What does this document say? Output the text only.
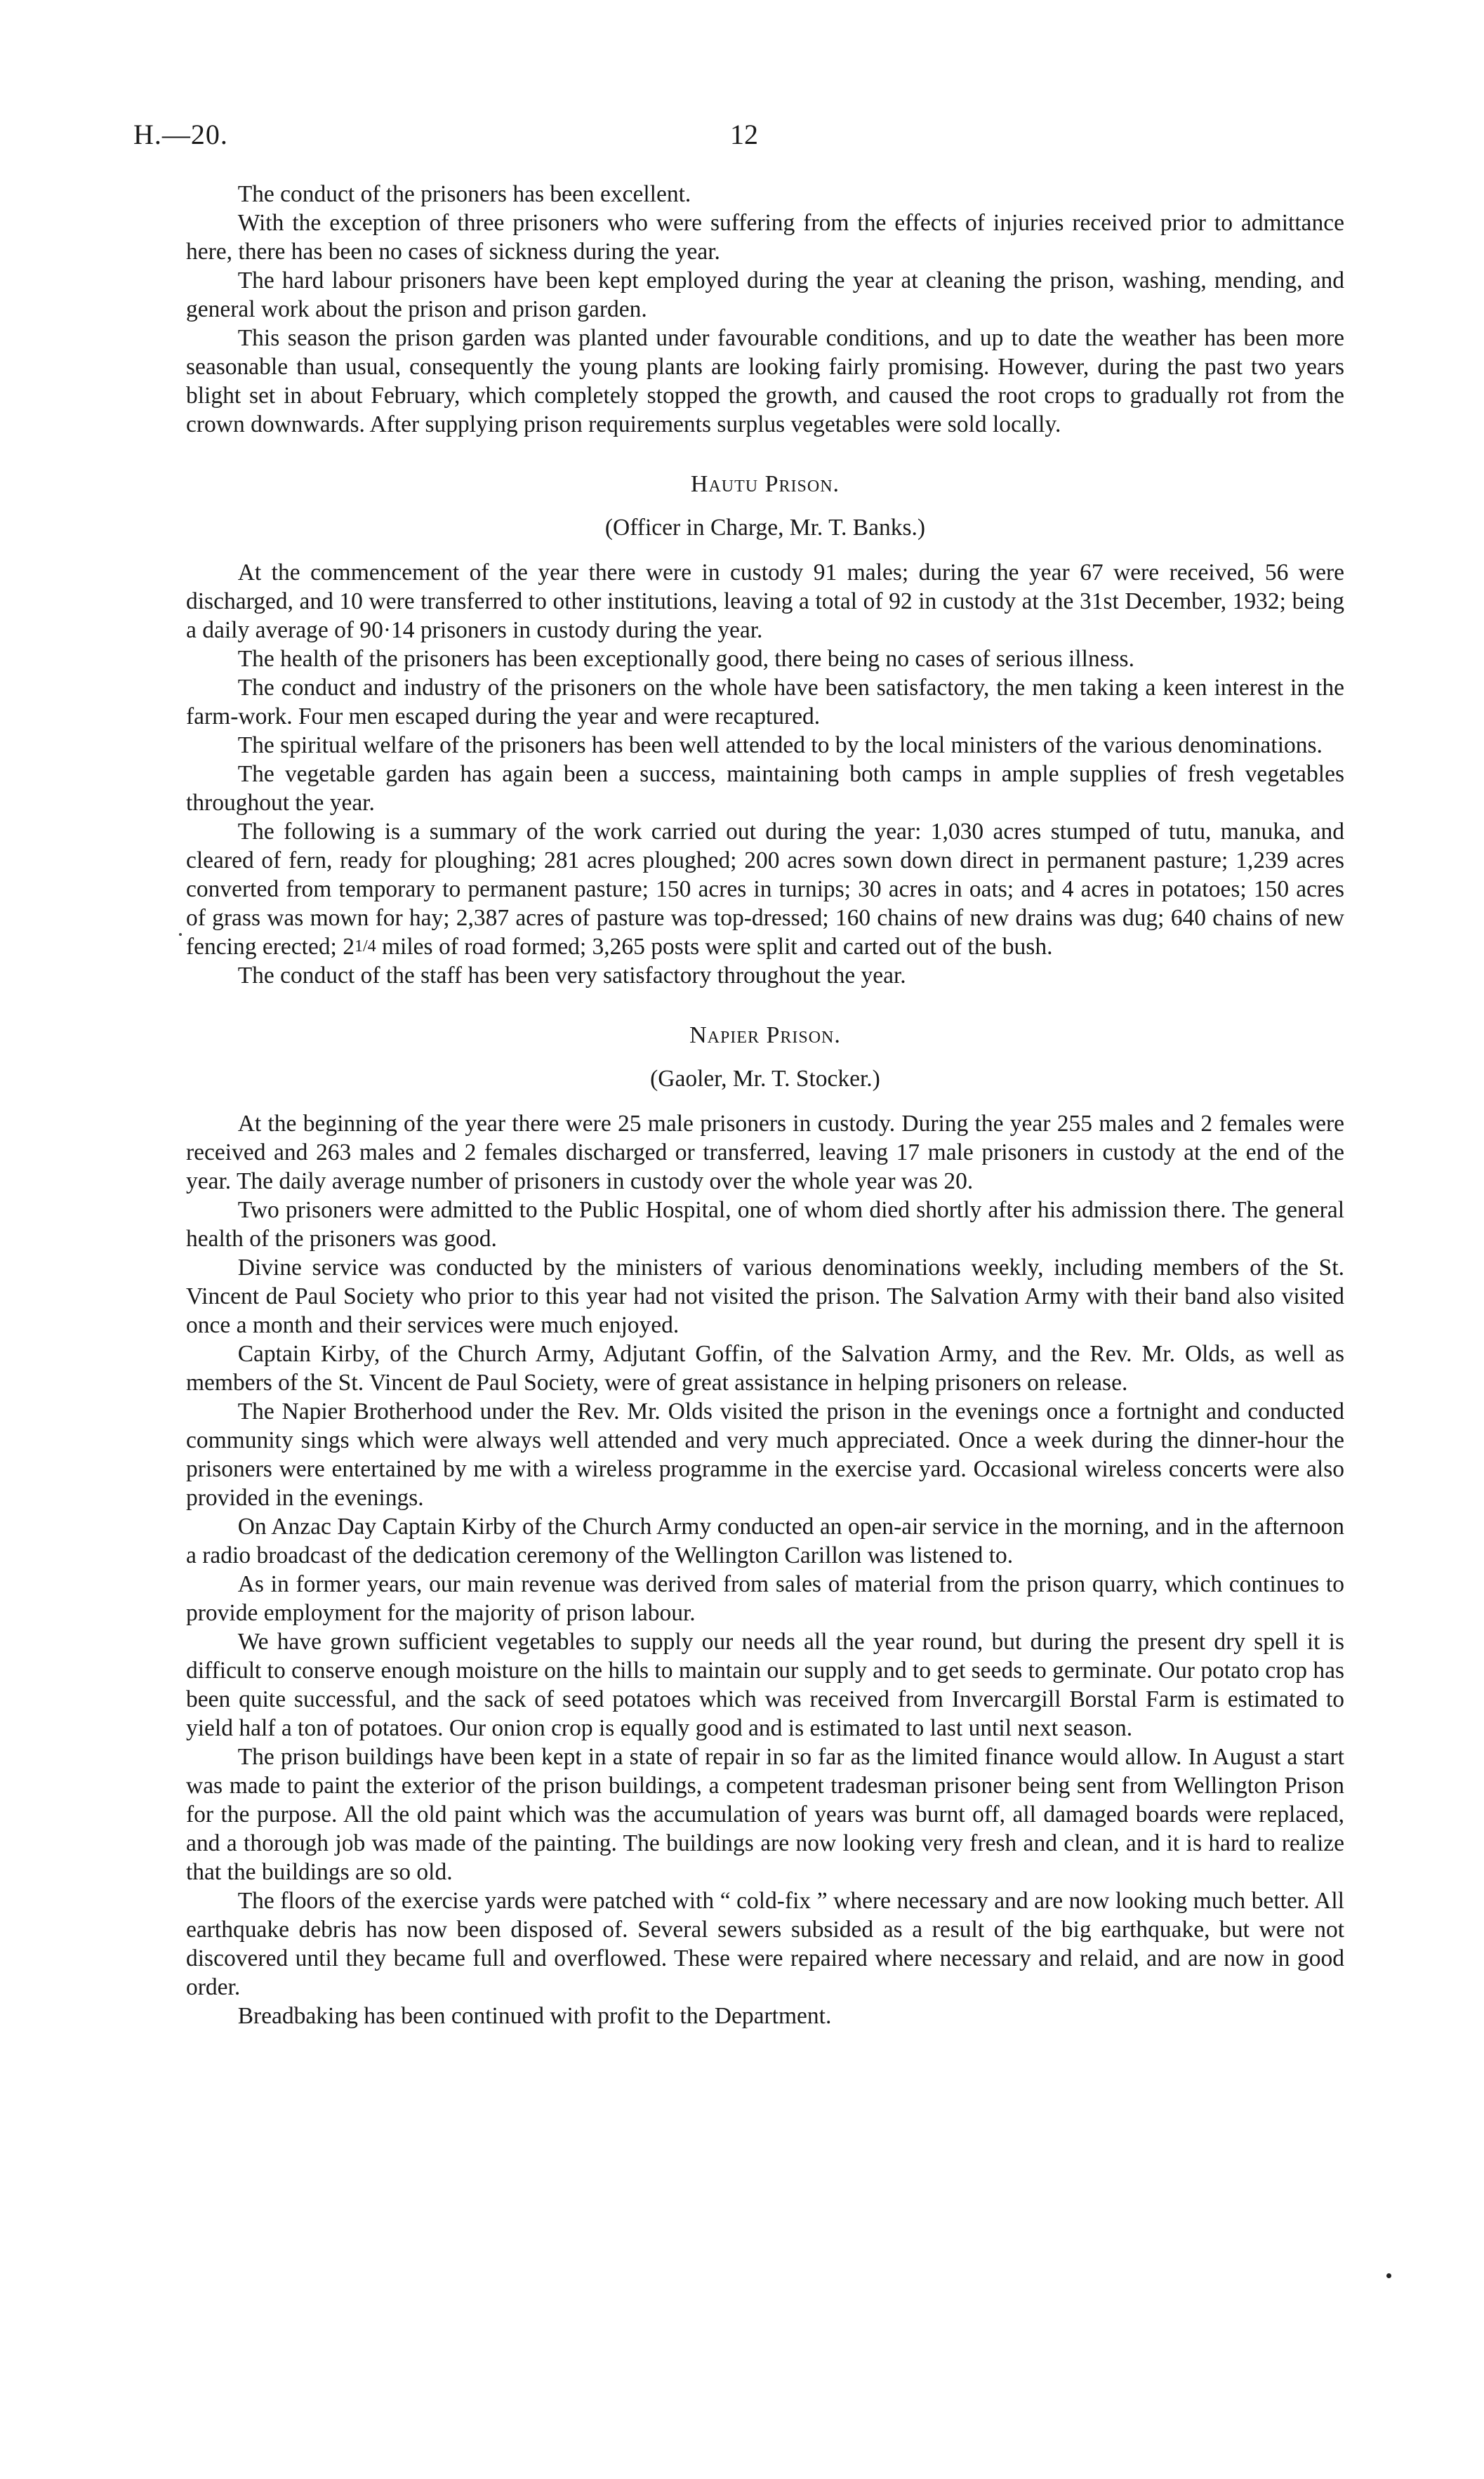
H.—20.	12

The conduct of the prisoners has been excellent.

With the exception of three prisoners who were suffering from the effects of injuries received prior to admittance here, there has been no cases of sickness during the year.

The hard labour prisoners have been kept employed during the year at cleaning the prison, washing, mending, and general work about the prison and prison garden.

This season the prison garden was planted under favourable conditions, and up to date the weather has been more seasonable than usual, consequently the young plants are looking fairly promising. However, during the past two years blight set in about February, which completely stopped the growth, and caused the root crops to gradually rot from the crown downwards. After supplying prison requirements surplus vegetables were sold locally.

Hautu Prison.

(Officer in Charge, Mr. T. Banks.)

At the commencement of the year there were in custody 91 males; during the year 67 were received, 56 were discharged, and 10 were transferred to other institutions, leaving a total of 92 in custody at the 31st December, 1932; being a daily average of 90·14 prisoners in custody during the year.

The health of the prisoners has been exceptionally good, there being no cases of serious illness.

The conduct and industry of the prisoners on the whole have been satisfactory, the men taking a keen interest in the farm-work. Four men escaped during the year and were recaptured.

The spiritual welfare of the prisoners has been well attended to by the local ministers of the various denominations.

The vegetable garden has again been a success, maintaining both camps in ample supplies of fresh vegetables throughout the year.

The following is a summary of the work carried out during the year: 1,030 acres stumped of tutu, manuka, and cleared of fern, ready for ploughing; 281 acres ploughed; 200 acres sown down direct in permanent pasture; 1,239 acres converted from temporary to permanent pasture; 150 acres in turnips; 30 acres in oats; and 4 acres in potatoes; 150 acres of grass was mown for hay; 2,387 acres of pasture was top-dressed; 160 chains of new drains was dug; 640 chains of new fencing erected; 21/4 miles of road formed; 3,265 posts were split and carted out of the bush.

The conduct of the staff has been very satisfactory throughout the year.

Napier Prison.

(Gaoler, Mr. T. Stocker.)

At the beginning of the year there were 25 male prisoners in custody. During the year 255 males and 2 females were received and 263 males and 2 females discharged or transferred, leaving 17 male prisoners in custody at the end of the year. The daily average number of prisoners in custody over the whole year was 20.

Two prisoners were admitted to the Public Hospital, one of whom died shortly after his admission there. The general health of the prisoners was good.

Divine service was conducted by the ministers of various denominations weekly, including members of the St. Vincent de Paul Society who prior to this year had not visited the prison. The Salvation Army with their band also visited once a month and their services were much enjoyed.

Captain Kirby, of the Church Army, Adjutant Goffin, of the Salvation Army, and the Rev. Mr. Olds, as well as members of the St. Vincent de Paul Society, were of great assistance in helping prisoners on release.

The Napier Brotherhood under the Rev. Mr. Olds visited the prison in the evenings once a fortnight and conducted community sings which were always well attended and very much appreciated. Once a week during the dinner-hour the prisoners were entertained by me with a wireless programme in the exercise yard. Occasional wireless concerts were also provided in the evenings.

On Anzac Day Captain Kirby of the Church Army conducted an open-air service in the morning, and in the afternoon a radio broadcast of the dedication ceremony of the Wellington Carillon was listened to.

As in former years, our main revenue was derived from sales of material from the prison quarry, which continues to provide employment for the majority of prison labour.

We have grown sufficient vegetables to supply our needs all the year round, but during the present dry spell it is difficult to conserve enough moisture on the hills to maintain our supply and to get seeds to germinate. Our potato crop has been quite successful, and the sack of seed potatoes which was received from Invercargill Borstal Farm is estimated to yield half a ton of potatoes. Our onion crop is equally good and is estimated to last until next season.

The prison buildings have been kept in a state of repair in so far as the limited finance would allow. In August a start was made to paint the exterior of the prison buildings, a competent tradesman prisoner being sent from Wellington Prison for the purpose. All the old paint which was the accumulation of years was burnt off, all damaged boards were replaced, and a thorough job was made of the painting. The buildings are now looking very fresh and clean, and it is hard to realize that the buildings are so old.

The floors of the exercise yards were patched with “ cold-fix ” where necessary and are now looking much better. All earthquake debris has now been disposed of. Several sewers subsided as a result of the big earthquake, but were not discovered until they became full and overflowed. These were repaired where necessary and relaid, and are now in good order.

Breadbaking has been continued with profit to the Department.
